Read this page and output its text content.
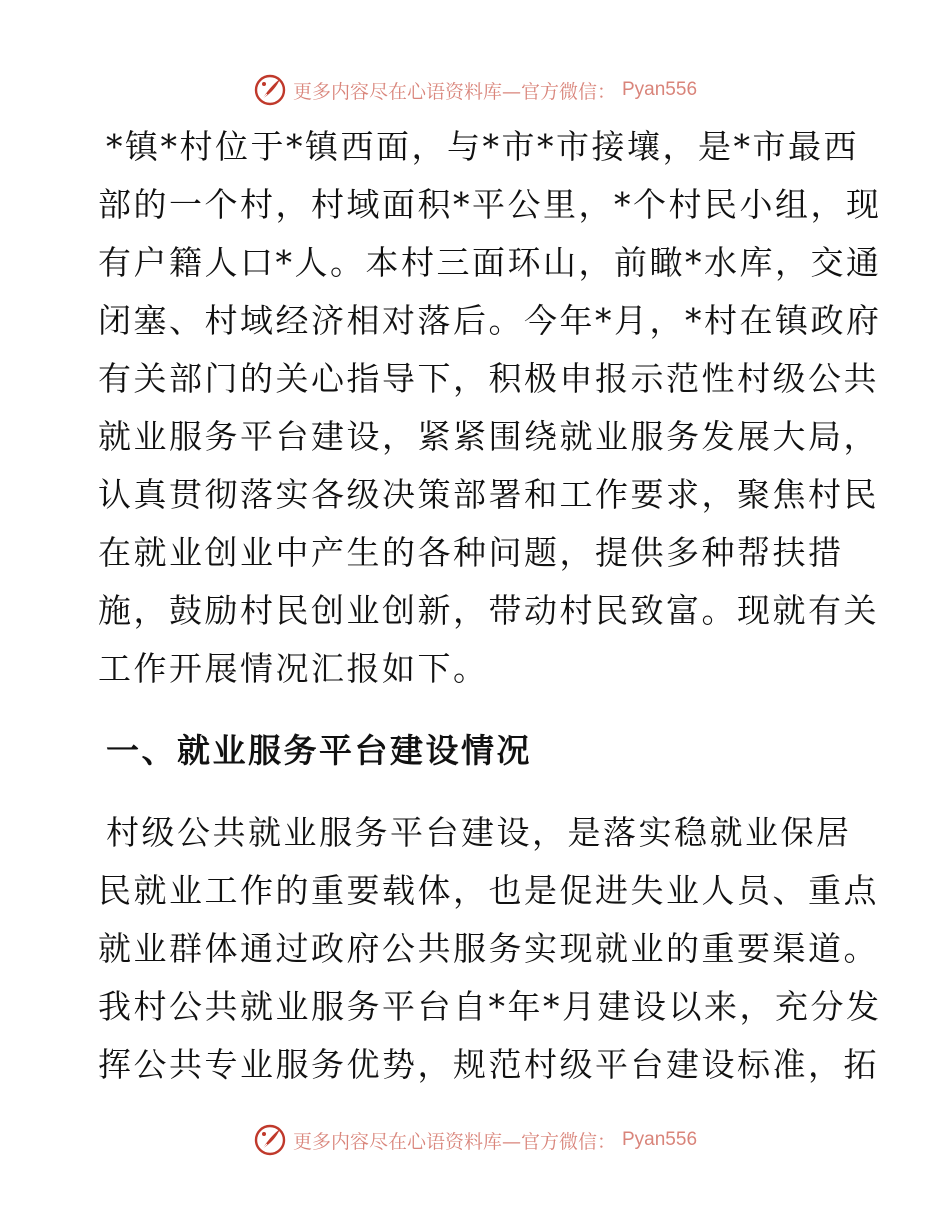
更多内容尽在心语资料库—官方微信： Pyan556

*镇*村位于*镇西面，与*市*市接壤，是*市最西
部的一个村，村域面积*平公里，*个村民小组，现
有户籍人口*人。本村三面环山，前瞰*水库，交通
闭塞、村域经济相对落后。今年*月，*村在镇政府
有关部门的关心指导下，积极申报示范性村级公共
就业服务平台建设，紧紧围绕就业服务发展大局，
认真贯彻落实各级决策部署和工作要求，聚焦村民
在就业创业中产生的各种问题，提供多种帮扶措
施，鼓励村民创业创新，带动村民致富。现就有关
工作开展情况汇报如下。

一、就业服务平台建设情况

村级公共就业服务平台建设，是落实稳就业保居
民就业工作的重要载体，也是促进失业人员、重点
就业群体通过政府公共服务实现就业的重要渠道。
我村公共就业服务平台自*年*月建设以来，充分发
挥公共专业服务优势，规范村级平台建设标准，拓

更多内容尽在心语资料库—官方微信： Pyan556
